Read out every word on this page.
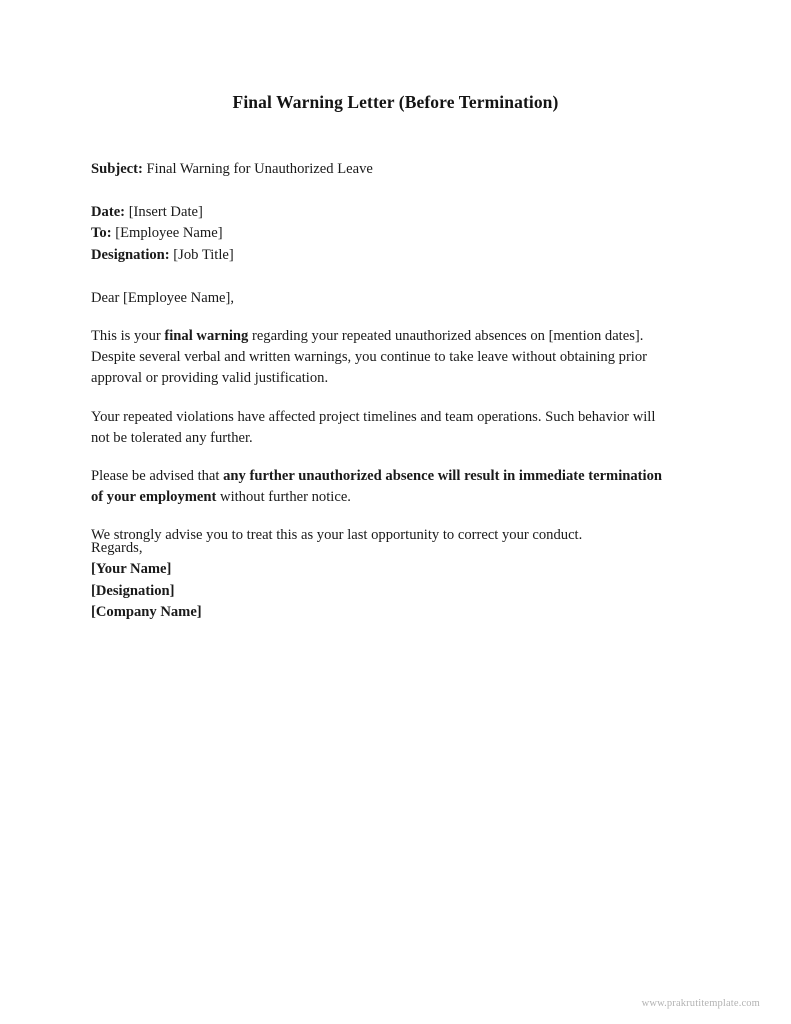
Final Warning Letter (Before Termination)
Subject: Final Warning for Unauthorized Leave
Date: [Insert Date]
To: [Employee Name]
Designation: [Job Title]
Dear [Employee Name],

This is your final warning regarding your repeated unauthorized absences on [mention dates]. Despite several verbal and written warnings, you continue to take leave without obtaining prior approval or providing valid justification.

Your repeated violations have affected project timelines and team operations. Such behavior will not be tolerated any further.

Please be advised that any further unauthorized absence will result in immediate termination of your employment without further notice.

We strongly advise you to treat this as your last opportunity to correct your conduct.

Regards,
[Your Name]
[Designation]
[Company Name]
www.prakrutitemplate.com
